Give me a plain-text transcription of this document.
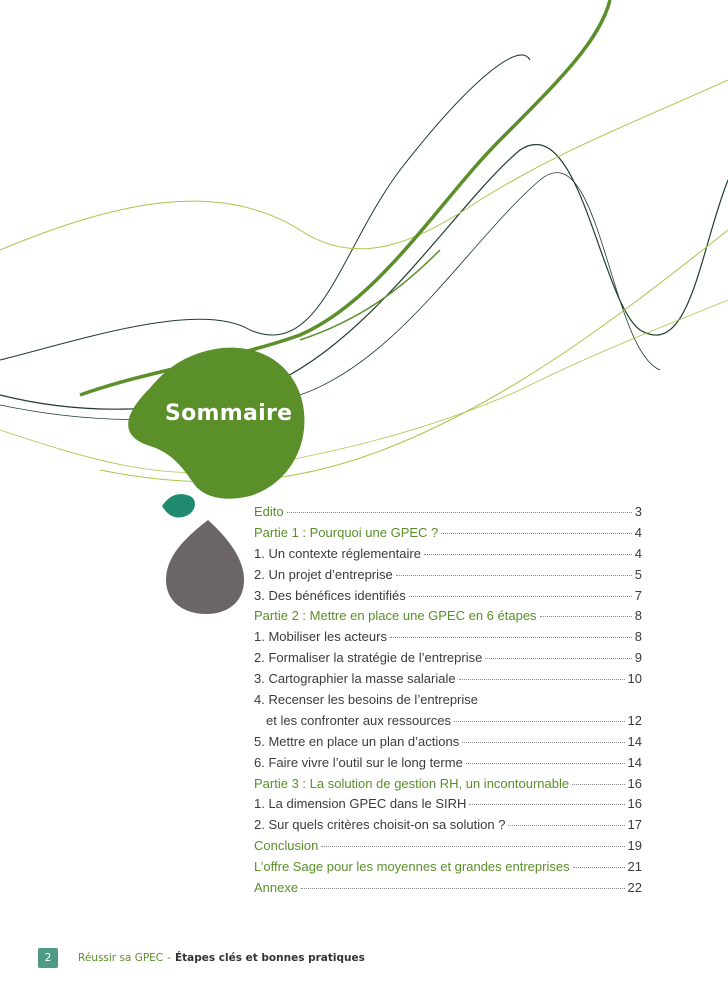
Sommaire
Edito	3
Partie 1 : Pourquoi une GPEC ?	4
1. Un contexte réglementaire	4
2. Un projet d’entreprise	5
3. Des bénéfices identifiés	7
Partie 2 : Mettre en place une GPEC en 6 étapes	8
1. Mobiliser les acteurs	8
2. Formaliser la stratégie de l’entreprise	9
3. Cartographier la masse salariale	10
4. Recenser les besoins de l’entreprise
et les confronter aux ressources	12
5. Mettre en place un plan d’actions	14
6. Faire vivre l’outil sur le long terme	14
Partie 3 : La solution de gestion RH, un incontournable	16
1. La dimension GPEC dans le SIRH	16
2. Sur quels critères choisit-on sa solution ?	17
Conclusion	19
L’offre Sage pour les moyennes et grandes entreprises	21
Annexe	22
2	Réussir sa GPEC - Étapes clés et bonnes pratiques
